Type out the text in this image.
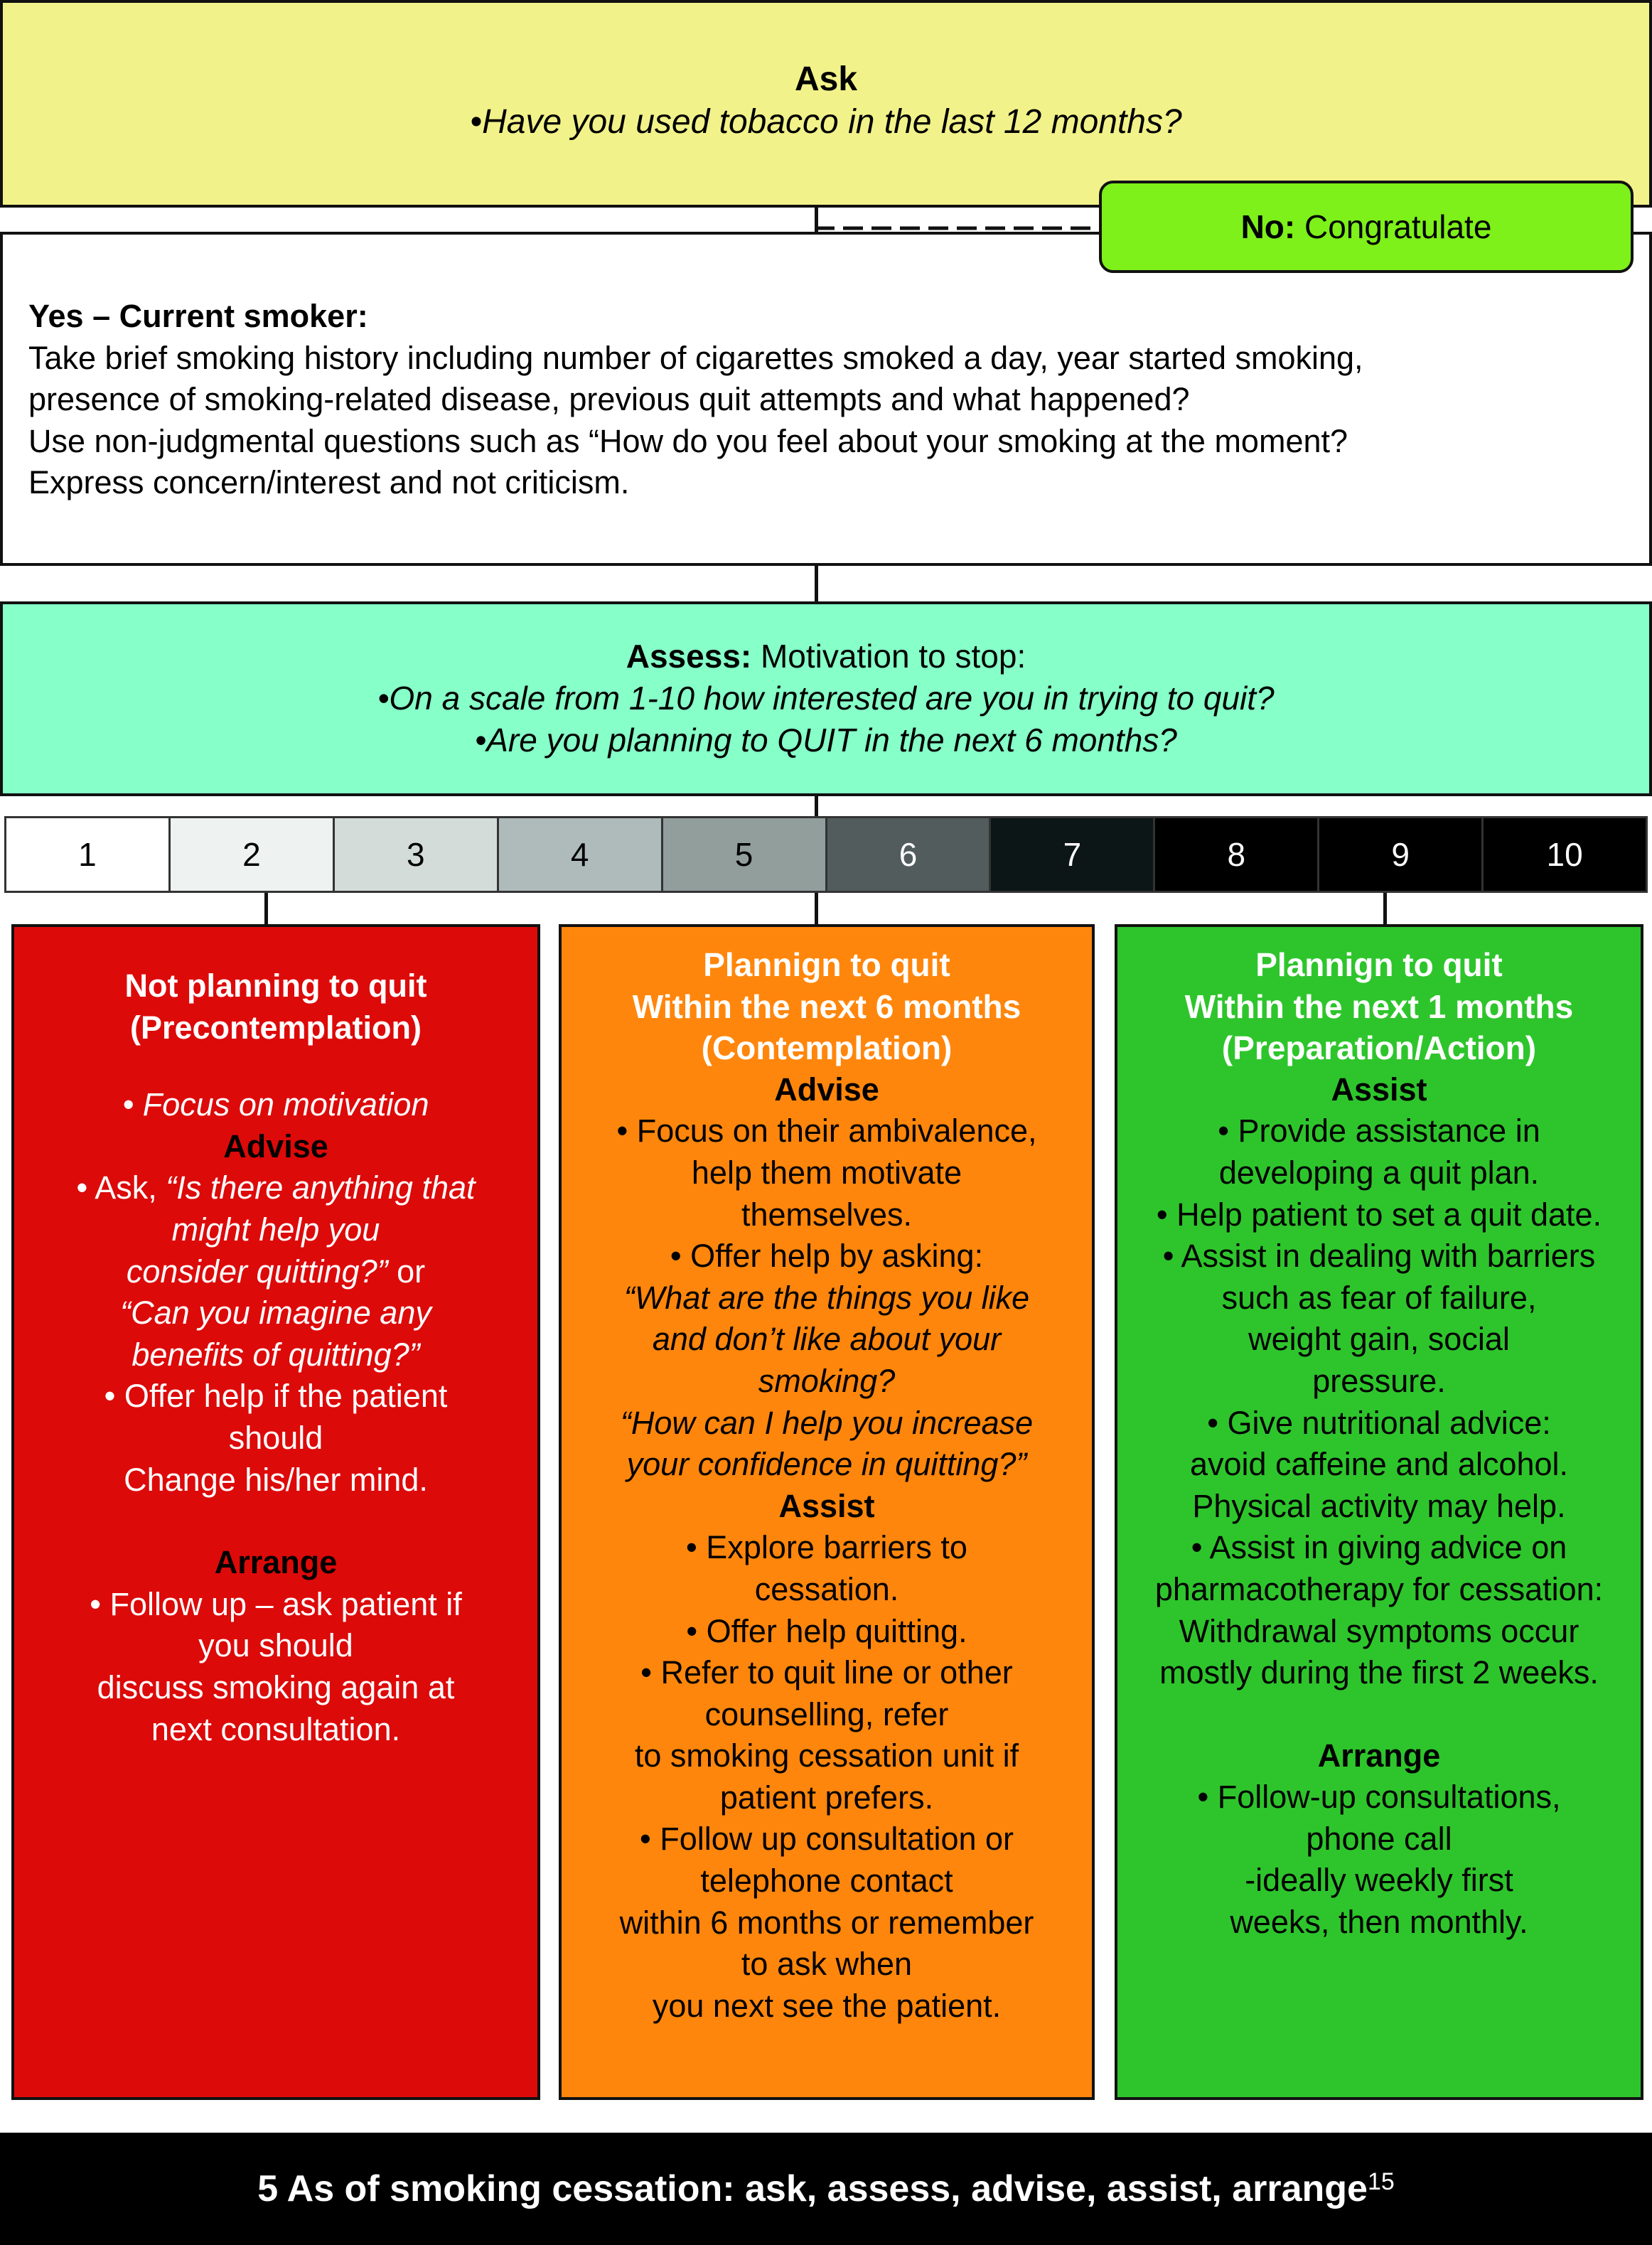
Ask
•Have you used tobacco in the last 12 months?
Yes – Current smoker:
Take brief smoking history including number of cigarettes smoked a day, year started smoking,
presence of smoking-related disease, previous quit attempts and what happened?
Use non-judgmental questions such as “How do you feel about your smoking at the moment?
Express concern/interest and not criticism.
No: Congratulate
Assess: Motivation to stop:
•On a scale from 1-10 how interested are you in trying to quit?
•Are you planning to QUIT in the next 6 months?
1	2	3	4	5	6	7	8	9	10
Not planning to quit
(Precontemplation)
• Focus on motivation
Advise
• Ask, “Is there anything that
might help you
consider quitting?” or
“Can you imagine any
benefits of quitting?”
• Offer help if the patient
should
Change his/her mind.
Arrange
• Follow up – ask patient if
you should
discuss smoking again at
next consultation.
Plannign to quit
Within the next 6 months
(Contemplation)
Advise
• Focus on their ambivalence,
help them motivate
themselves.
• Offer help by asking:
“What are the things you like
and don’t like about your
smoking?
“How can I help you increase
your confidence in quitting?”
Assist
• Explore barriers to
cessation.
• Offer help quitting.
• Refer to quit line or other
counselling, refer
to smoking cessation unit if
patient prefers.
• Follow up consultation or
telephone contact
within 6 months or remember
to ask when
you next see the patient.
Plannign to quit
Within the next 1 months
(Preparation/Action)
Assist
• Provide assistance in
developing a quit plan.
• Help patient to set a quit date.
• Assist in dealing with barriers
such as fear of failure,
weight gain, social
pressure.
• Give nutritional advice:
avoid caffeine and alcohol.
Physical activity may help.
• Assist in giving advice on
pharmacotherapy for cessation:
Withdrawal symptoms occur
mostly during the first 2 weeks.
Arrange
• Follow-up consultations,
phone call
-ideally weekly first
weeks, then monthly.
5 As of smoking cessation: ask, assess, advise, assist, arrange$^{15}$
